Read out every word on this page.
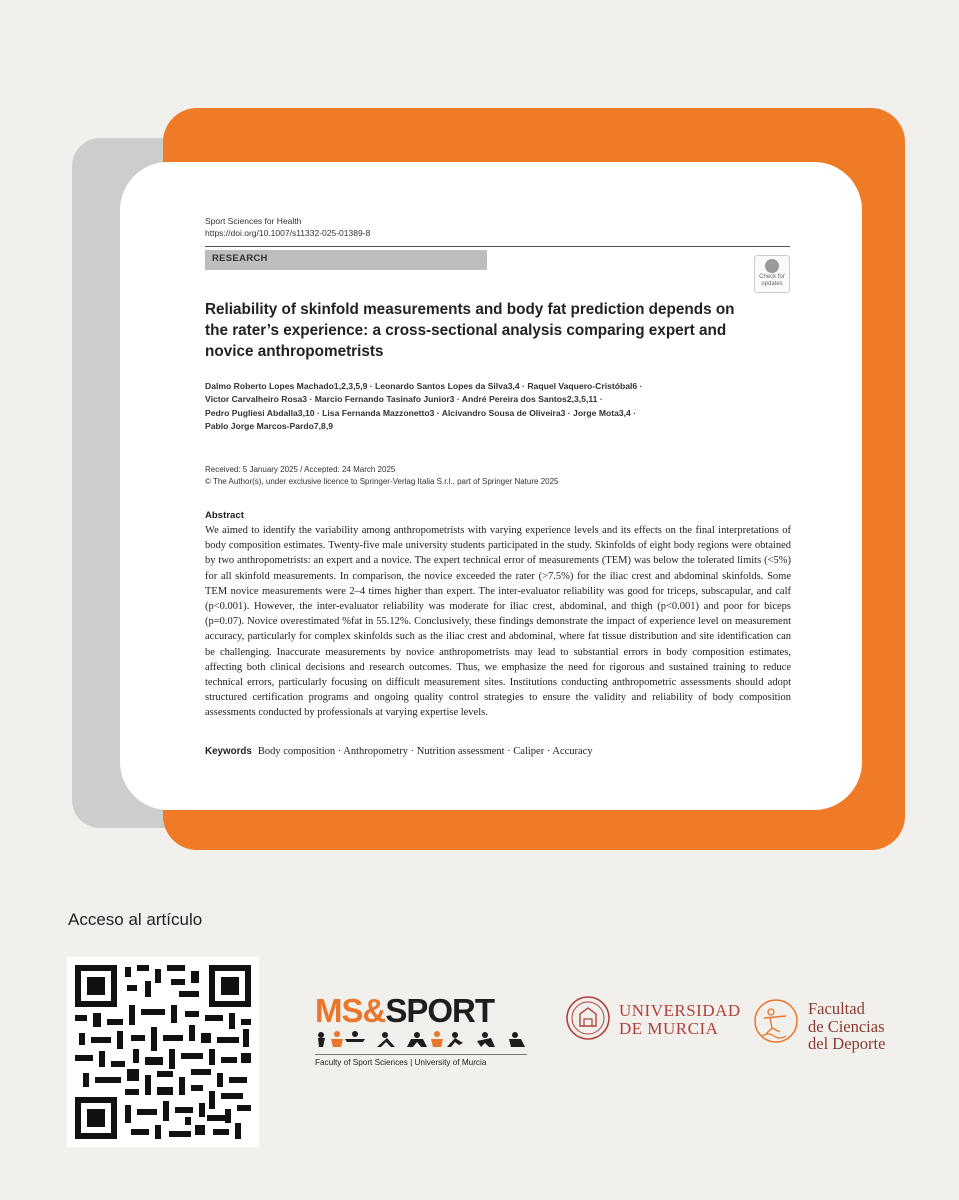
Sport Sciences for Health
https://doi.org/10.1007/s11332-025-01389-8
RESEARCH
Check for updates
Reliability of skinfold measurements and body fat prediction depends on the rater’s experience: a cross-sectional analysis comparing expert and novice anthropometrists
Dalmo Roberto Lopes Machado1,2,3,5,9 · Leonardo Santos Lopes da Silva3,4 · Raquel Vaquero-Cristóbal6 ·
Victor Carvalheiro Rosa3 · Marcio Fernando Tasinafo Junior3 · André Pereira dos Santos2,3,5,11 ·
Pedro Pugliesi Abdalla3,10 · Lisa Fernanda Mazzonetto3 · Alcivandro Sousa de Oliveira3 · Jorge Mota3,4 ·
Pablo Jorge Marcos-Pardo7,8,9
Received: 5 January 2025 / Accepted: 24 March 2025
© The Author(s), under exclusive licence to Springer-Verlag Italia S.r.l., part of Springer Nature 2025
Abstract
We aimed to identify the variability among anthropometrists with varying experience levels and its effects on the final interpretations of body composition estimates. Twenty-five male university students participated in the study. Skinfolds of eight body regions were obtained by two anthropometrists: an expert and a novice. The expert technical error of measurements (TEM) was below the tolerated limits (<5%) for all skinfold measurements. In comparison, the novice exceeded the rater (>7.5%) for the iliac crest and abdominal skinfolds. Some TEM novice measurements were 2–4 times higher than expert. The inter-evaluator reliability was good for triceps, subscapular, and calf (p<0.001). However, the inter-evaluator reliability was moderate for iliac crest, abdominal, and thigh (p<0.001) and poor for biceps (p=0.07). Novice overestimated %fat in 55.12%. Conclusively, these findings demonstrate the impact of experience level on measurement accuracy, particularly for complex skinfolds such as the iliac crest and abdominal, where fat tissue distribution and site identification can be challenging. Inaccurate measurements by novice anthropometrists may lead to substantial errors in body composition estimates, affecting both clinical decisions and research outcomes. Thus, we emphasize the need for rigorous and sustained training to reduce technical errors, particularly focusing on difficult measurement sites. Institutions conducting anthropometric assessments should adopt structured certification programs and ongoing quality control strategies to ensure the validity and reliability of body composition assessments conducted by professionals at varying expertise levels.
Keywords Body composition · Anthropometry · Nutrition assessment · Caliper · Accuracy
Acceso al artículo
MS&SPORT
Faculty of Sport Sciences | University of Murcia
UNIVERSIDAD
DE MURCIA
Facultad
de Ciencias
del Deporte
